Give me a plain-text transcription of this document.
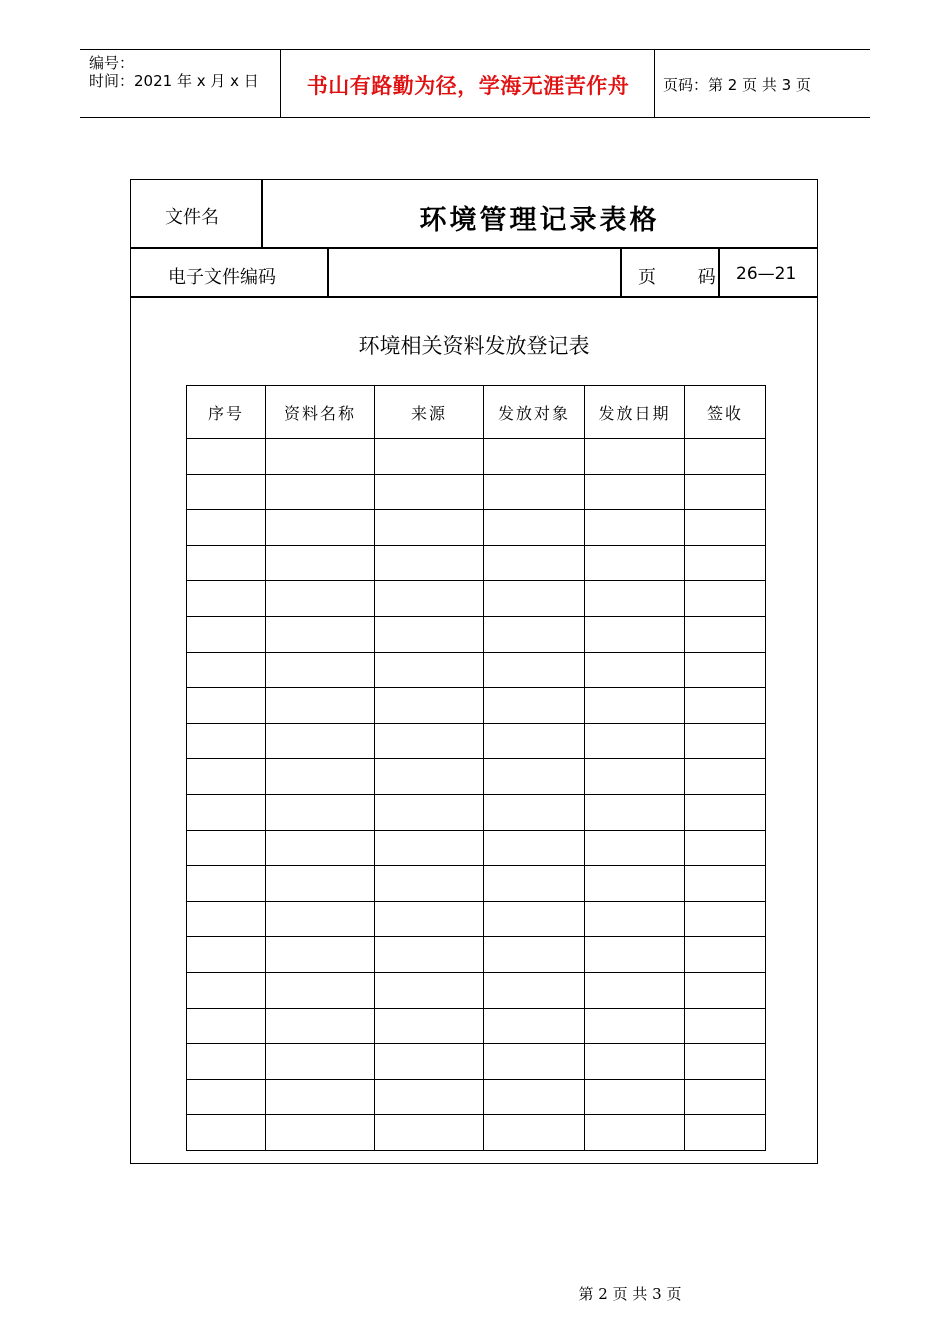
编号：
时间：2021 年 x 月 x 日	书山有路勤为径，学海无涯苦作舟	页码：第 2 页 共 3 页
文件名	环境管理记录表格
电子文件编码	页 码 26—21
环境相关资料发放登记表
序号	资料名称	来源	发放对象	发放日期	签收

第 2 页 共 3 页
